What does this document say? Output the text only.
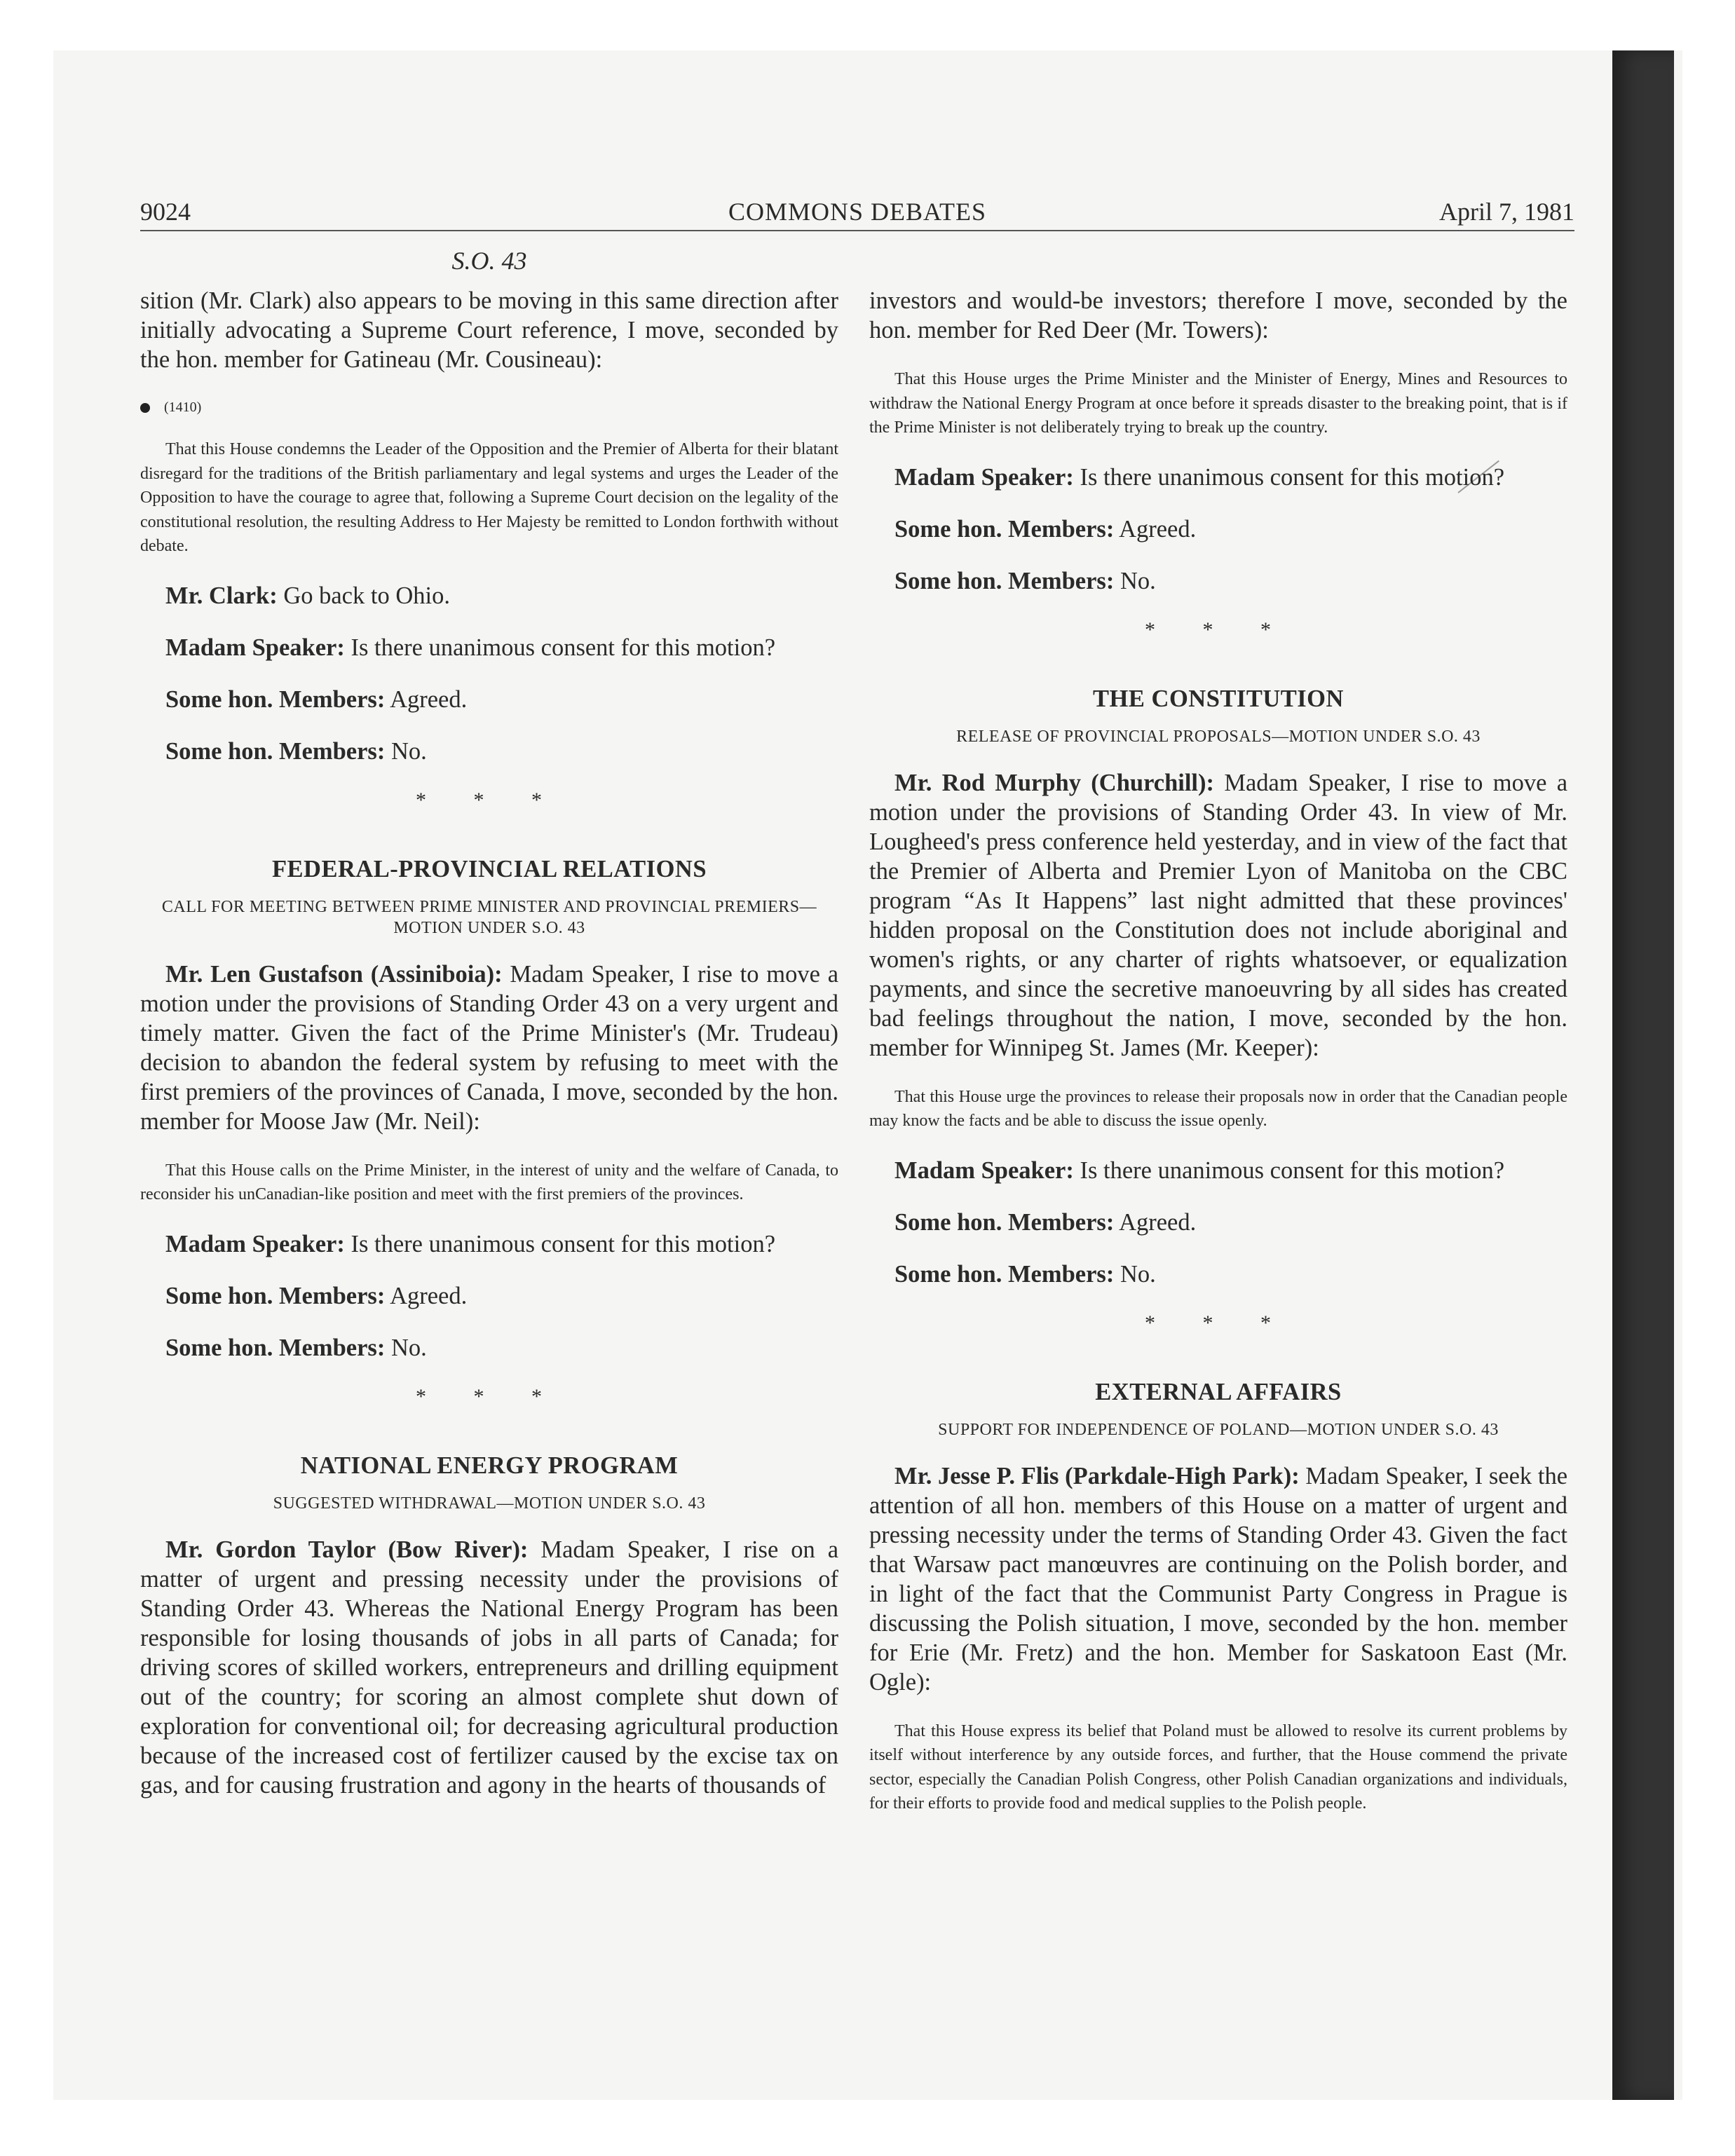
9024	COMMONS DEBATES	April 7, 1981
S.O. 43

sition (Mr. Clark) also appears to be moving in this same direction after initially advocating a Supreme Court reference, I move, seconded by the hon. member for Gatineau (Mr. Cousineau):

(1410)

That this House condemns the Leader of the Opposition and the Premier of Alberta for their blatant disregard for the traditions of the British parliamentary and legal systems and urges the Leader of the Opposition to have the courage to agree that, following a Supreme Court decision on the legality of the constitutional resolution, the resulting Address to Her Majesty be remitted to London forthwith without debate.

Mr. Clark: Go back to Ohio.

Madam Speaker: Is there unanimous consent for this motion?

Some hon. Members: Agreed.

Some hon. Members: No.

* * *
FEDERAL-PROVINCIAL RELATIONS
CALL FOR MEETING BETWEEN PRIME MINISTER AND PROVINCIAL PREMIERS—MOTION UNDER S.O. 43

Mr. Len Gustafson (Assiniboia): Madam Speaker, I rise to move a motion under the provisions of Standing Order 43 on a very urgent and timely matter. Given the fact of the Prime Minister's (Mr. Trudeau) decision to abandon the federal system by refusing to meet with the first premiers of the provinces of Canada, I move, seconded by the hon. member for Moose Jaw (Mr. Neil):

That this House calls on the Prime Minister, in the interest of unity and the welfare of Canada, to reconsider his unCanadian-like position and meet with the first premiers of the provinces.

Madam Speaker: Is there unanimous consent for this motion?

Some hon. Members: Agreed.

Some hon. Members: No.

* * *
NATIONAL ENERGY PROGRAM
SUGGESTED WITHDRAWAL—MOTION UNDER S.O. 43

Mr. Gordon Taylor (Bow River): Madam Speaker, I rise on a matter of urgent and pressing necessity under the provisions of Standing Order 43. Whereas the National Energy Program has been responsible for losing thousands of jobs in all parts of Canada; for driving scores of skilled workers, entrepreneurs and drilling equipment out of the country; for scoring an almost complete shut down of exploration for conventional oil; for decreasing agricultural production because of the increased cost of fertilizer caused by the excise tax on gas, and for causing frustration and agony in the hearts of thousands of

investors and would-be investors; therefore I move, seconded by the hon. member for Red Deer (Mr. Towers):

That this House urges the Prime Minister and the Minister of Energy, Mines and Resources to withdraw the National Energy Program at once before it spreads disaster to the breaking point, that is if the Prime Minister is not deliberately trying to break up the country.

Madam Speaker: Is there unanimous consent for this motion?

Some hon. Members: Agreed.

Some hon. Members: No.

* * *
THE CONSTITUTION
RELEASE OF PROVINCIAL PROPOSALS—MOTION UNDER S.O. 43

Mr. Rod Murphy (Churchill): Madam Speaker, I rise to move a motion under the provisions of Standing Order 43. In view of Mr. Lougheed's press conference held yesterday, and in view of the fact that the Premier of Alberta and Premier Lyon of Manitoba on the CBC program “As It Happens” last night admitted that these provinces' hidden proposal on the Constitution does not include aboriginal and women's rights, or any charter of rights whatsoever, or equalization payments, and since the secretive manoeuvring by all sides has created bad feelings throughout the nation, I move, seconded by the hon. member for Winnipeg St. James (Mr. Keeper):

That this House urge the provinces to release their proposals now in order that the Canadian people may know the facts and be able to discuss the issue openly.

Madam Speaker: Is there unanimous consent for this motion?

Some hon. Members: Agreed.

Some hon. Members: No.

* * *
EXTERNAL AFFAIRS
SUPPORT FOR INDEPENDENCE OF POLAND—MOTION UNDER S.O. 43

Mr. Jesse P. Flis (Parkdale-High Park): Madam Speaker, I seek the attention of all hon. members of this House on a matter of urgent and pressing necessity under the terms of Standing Order 43. Given the fact that Warsaw pact manœuvres are continuing on the Polish border, and in light of the fact that the Communist Party Congress in Prague is discussing the Polish situation, I move, seconded by the hon. member for Erie (Mr. Fretz) and the hon. Member for Saskatoon East (Mr. Ogle):

That this House express its belief that Poland must be allowed to resolve its current problems by itself without interference by any outside forces, and further, that the House commend the private sector, especially the Canadian Polish Congress, other Polish Canadian organizations and individuals, for their efforts to provide food and medical supplies to the Polish people.
